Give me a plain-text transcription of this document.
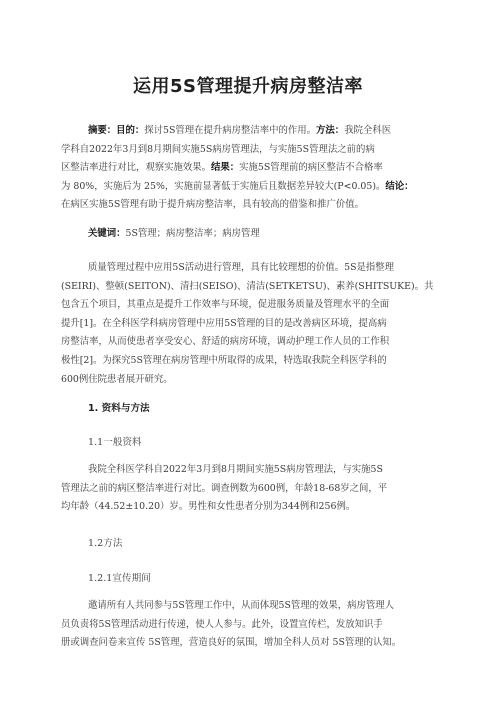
运用5S管理提升病房整洁率
摘要：目的：探讨5S管理在提升病房整洁率中的作用。方法：我院全科医
学科自2022年3月到8月期间实施5S病房管理法，与实施5S管理法之前的病
区整洁率进行对比，观察实施效果。结果：实施5S管理前的病区整洁不合格率
为 80%，实施后为 25%，实施前显著低于实施后且数据差异较大(P<0.05)。结论：
在病区实施5S管理有助于提升病房整洁率，具有较高的借鉴和推广价值。
关键词：5S管理；病房整洁率；病房管理
质量管理过程中应用5S活动进行管理，具有比较理想的价值。5S是指整理
(SEIRI)、整顿(SEITON)、清扫(SEISO)、清洁(SETKETSU)、素养(SHITSUKE)。共
包含五个项目，其重点是提升工作效率与环境，促进服务质量及管理水平的全面
提升[1]。在全科医学科病房管理中应用5S管理的目的是改善病区环境，提高病
房整洁率，从而使患者享受安心、舒适的病房环境，调动护理工作人员的工作积
极性[2]。为探究5S管理在病房管理中所取得的成果，特选取我院全科医学科的
600例住院患者展开研究。
1. 资料与方法
1.1一般资料
我院全科医学科自2022年3月到8月期间实施5S病房管理法，与实施5S
管理法之前的病区整洁率进行对比。调查例数为600例，年龄18-68岁之间，平
均年龄（44.52±10.20）岁。男性和女性患者分别为344例和256例。
1.2方法
1.2.1宣传期间
邀请所有人共同参与5S管理工作中，从而体现5S管理的效果，病房管理人
员负责将5S管理活动进行传递，使人人参与。此外，设置宣传栏，发放知识手
册或调查问卷来宣传 5S管理，营造良好的氛围，增加全科人员对 5S管理的认知。
